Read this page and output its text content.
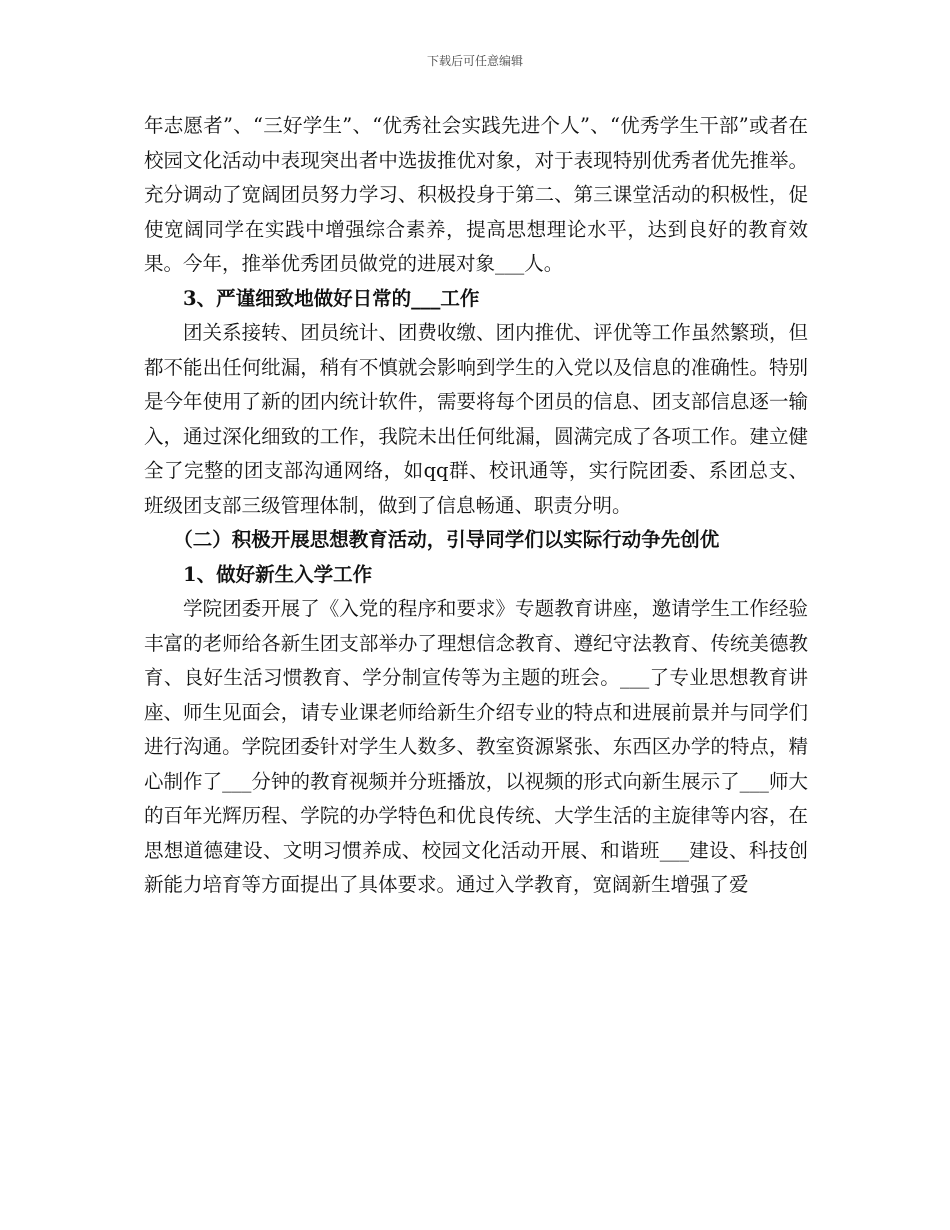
下载后可任意编辑

年志愿者”、“三好学生”、“优秀社会实践先进个人”、“优秀学生干部”或者在校园文化活动中表现突出者中选拔推优对象，对于表现特别优秀者优先推举。充分调动了宽阔团员努力学习、积极投身于第二、第三课堂活动的积极性，促使宽阔同学在实践中增强综合素养，提高思想理论水平，达到良好的教育效果。今年，推举优秀团员做党的进展对象___人。

3、严谨细致地做好日常的___工作

团关系接转、团员统计、团费收缴、团内推优、评优等工作虽然繁琐，但都不能出任何纰漏，稍有不慎就会影响到学生的入党以及信息的准确性。特别是今年使用了新的团内统计软件，需要将每个团员的信息、团支部信息逐一输入，通过深化细致的工作，我院未出任何纰漏，圆满完成了各项工作。建立健全了完整的团支部沟通网络，如qq群、校讯通等，实行院团委、系团总支、班级团支部三级管理体制，做到了信息畅通、职责分明。

（二）积极开展思想教育活动，引导同学们以实际行动争先创优

1、做好新生入学工作

学院团委开展了《入党的程序和要求》专题教育讲座，邀请学生工作经验丰富的老师给各新生团支部举办了理想信念教育、遵纪守法教育、传统美德教育、良好生活习惯教育、学分制宣传等为主题的班会。___了专业思想教育讲座、师生见面会，请专业课老师给新生介绍专业的特点和进展前景并与同学们进行沟通。学院团委针对学生人数多、教室资源紧张、东西区办学的特点，精心制作了___分钟的教育视频并分班播放，以视频的形式向新生展示了___师大的百年光辉历程、学院的办学特色和优良传统、大学生活的主旋律等内容，在思想道德建设、文明习惯养成、校园文化活动开展、和谐班___建设、科技创新能力培育等方面提出了具体要求。通过入学教育，宽阔新生增强了爱
